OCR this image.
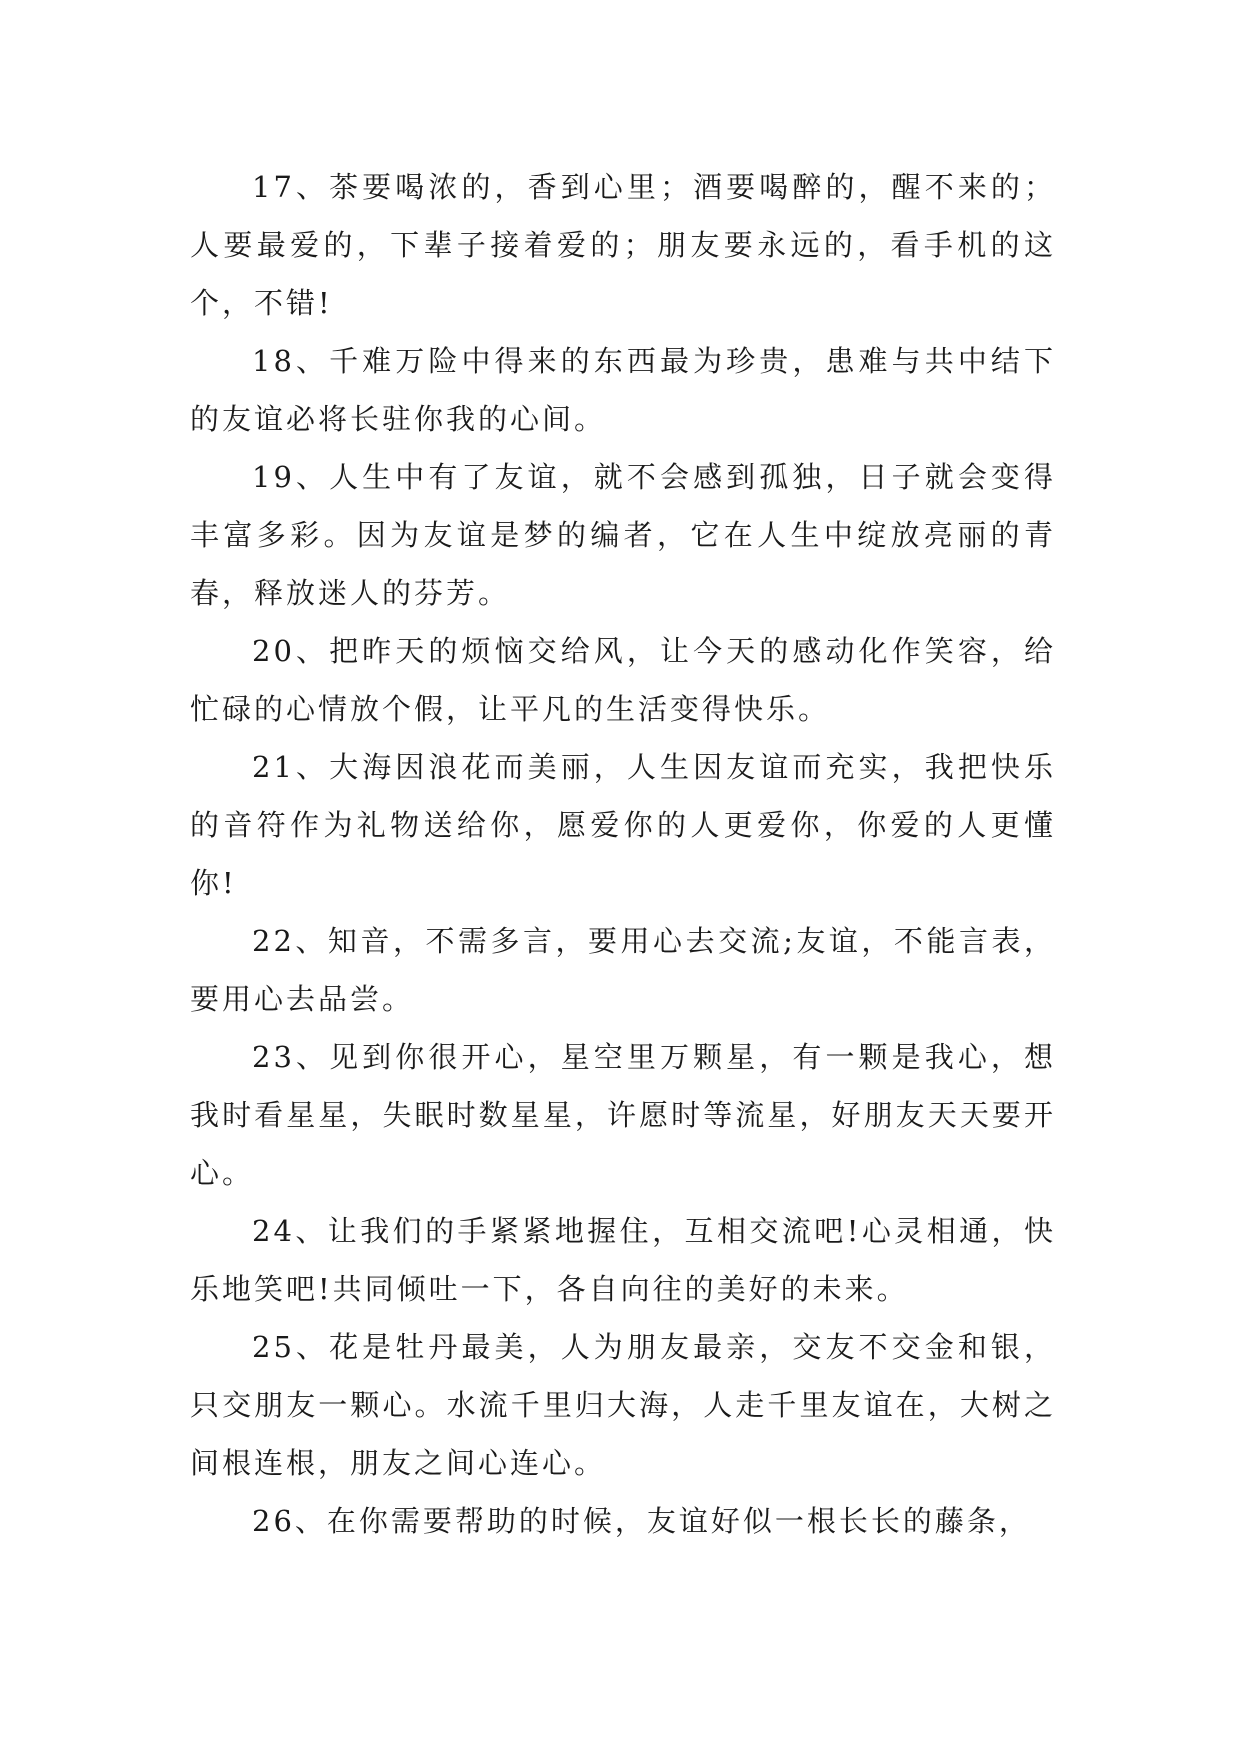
17、茶要喝浓的，香到心里；酒要喝醉的，醒不来的；人要最爱的，下辈子接着爱的；朋友要永远的，看手机的这个，不错!

18、千难万险中得来的东西最为珍贵，患难与共中结下的友谊必将长驻你我的心间。

19、人生中有了友谊，就不会感到孤独，日子就会变得丰富多彩。因为友谊是梦的编者，它在人生中绽放亮丽的青春，释放迷人的芬芳。

20、把昨天的烦恼交给风，让今天的感动化作笑容，给忙碌的心情放个假，让平凡的生活变得快乐。

21、大海因浪花而美丽，人生因友谊而充实，我把快乐的音符作为礼物送给你，愿爱你的人更爱你，你爱的人更懂你!

22、知音，不需多言，要用心去交流;友谊，不能言表，要用心去品尝。

23、见到你很开心，星空里万颗星，有一颗是我心，想我时看星星，失眠时数星星，许愿时等流星，好朋友天天要开心。

24、让我们的手紧紧地握住，互相交流吧!心灵相通，快乐地笑吧!共同倾吐一下，各自向往的美好的未来。

25、花是牡丹最美，人为朋友最亲，交友不交金和银，只交朋友一颗心。水流千里归大海，人走千里友谊在，大树之间根连根，朋友之间心连心。

26、在你需要帮助的时候，友谊好似一根长长的藤条，
